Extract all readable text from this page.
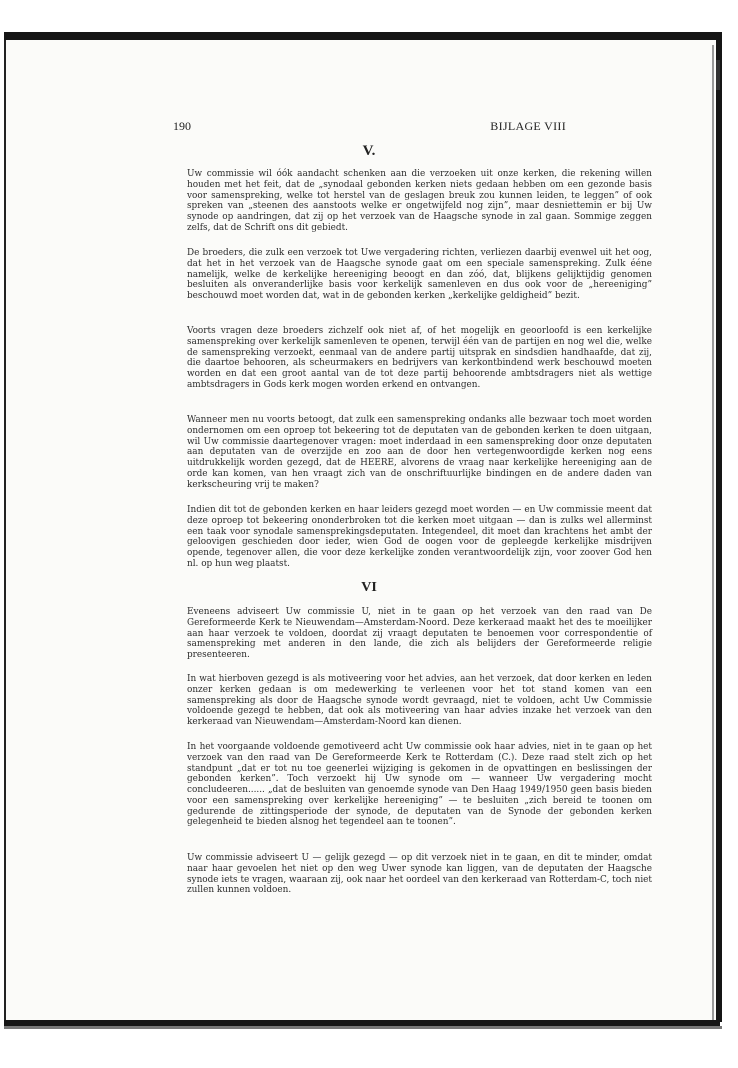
190	BIJLAGE VIII
V.

Uw commissie wil óók aandacht schenken aan die verzoeken uit onze kerken, die rekening willen houden met het feit, dat de „synodaal gebonden kerken niets gedaan hebben om een gezonde basis voor samenspreking, welke tot herstel van de geslagen breuk zou kunnen leiden, te leggen” of ook spreken van „steenen des aanstoots welke er ongetwijfeld nog zijn”, maar desniettemin er bij Uw synode op aandringen, dat zij op het verzoek van de Haagsche synode in zal gaan. Sommige zeggen zelfs, dat de Schrift ons dit gebiedt.

De broeders, die zulk een verzoek tot Uwe vergadering richten, verliezen daarbij evenwel uit het oog, dat het in het verzoek van de Haagsche synode gaat om een speciale samenspreking. Zulk ééne namelijk, welke de kerkelijke hereeniging beoogt en dan zóó, dat, blijkens gelijktijdig genomen besluiten als onveranderlijke basis voor kerkelijk samenleven en dus ook voor de „hereeniging” beschouwd moet worden dat, wat in de gebonden kerken „kerkelijke geldigheid” bezit.

Voorts vragen deze broeders zichzelf ook niet af, of het mogelijk en geoorloofd is een kerkelijke samenspreking over kerkelijk samenleven te openen, terwijl één van de partijen en nog wel die, welke de samenspreking verzoekt, eenmaal van de andere partij uitsprak en sindsdien handhaafde, dat zij, die daartoe behooren, als scheurmakers en bedrijvers van kerkontbindend werk beschouwd moeten worden en dat een groot aantal van de tot deze partij behoorende ambtsdragers niet als wettige ambtsdragers in Gods kerk mogen worden erkend en ontvangen.

Wanneer men nu voorts betoogt, dat zulk een samenspreking ondanks alle bezwaar toch moet worden ondernomen om een oproep tot bekeering tot de deputaten van de gebonden kerken te doen uitgaan, wil Uw commissie daartegenover vragen: moet inderdaad in een samenspreking door onze deputaten aan deputaten van de overzijde en zoo aan de door hen vertegenwoordigde kerken nog eens uitdrukkelijk worden gezegd, dat de HEERE, alvorens de vraag naar kerkelijke hereeniging aan de orde kan komen, van hen vraagt zich van de onschriftuurlijke bindingen en de andere daden van kerkscheuring vrij te maken?

Indien dit tot de gebonden kerken en haar leiders gezegd moet worden — en Uw commissie meent dat deze oproep tot bekeering ononderbroken tot die kerken moet uitgaan — dan is zulks wel allerminst een taak voor synodale samensprekingsdeputaten. Integendeel, dit moet dan krachtens het ambt der geloovigen geschieden door ieder, wien God de oogen voor de gepleegde kerkelijke misdrijven opende, tegenover allen, die voor deze kerkelijke zonden verantwoordelijk zijn, voor zoover God hen nl. op hun weg plaatst.

VI

Eveneens adviseert Uw commissie U, niet in te gaan op het verzoek van den raad van De Gereformeerde Kerk te Nieuwendam—Amsterdam-Noord. Deze kerkeraad maakt het des te moeilijker aan haar verzoek te voldoen, doordat zij vraagt deputaten te benoemen voor correspondentie of samenspreking met anderen in den lande, die zich als belijders der Gereformeerde religie presenteeren.

In wat hierboven gezegd is als motiveering voor het advies, aan het verzoek, dat door kerken en leden onzer kerken gedaan is om medewerking te verleenen voor het tot stand komen van een samenspreking als door de Haagsche synode wordt gevraagd, niet te voldoen, acht Uw Commissie voldoende gezegd te hebben, dat ook als motiveering van haar advies inzake het verzoek van den kerkeraad van Nieuwendam—Amsterdam-Noord kan dienen.

In het voorgaande voldoende gemotiveerd acht Uw commissie ook haar advies, niet in te gaan op het verzoek van den raad van De Gereformeerde Kerk te Rotterdam (C.). Deze raad stelt zich op het standpunt „dat er tot nu toe geenerlei wijziging is gekomen in de opvattingen en beslissingen der gebonden kerken”. Toch verzoekt hij Uw synode om — wanneer Uw vergadering mocht concludeeren...... „dat de besluiten van genoemde synode van Den Haag 1949/1950 geen basis bieden voor een samenspreking over kerkelijke hereeniging” — te besluiten „zich bereid te toonen om gedurende de zittingsperiode der synode, de deputaten van de Synode der gebonden kerken gelegenheid te bieden alsnog het tegendeel aan te toonen”.

Uw commissie adviseert U — gelijk gezegd — op dit verzoek niet in te gaan, en dit te minder, omdat naar haar gevoelen het niet op den weg Uwer synode kan liggen, van de deputaten der Haagsche synode iets te vragen, waaraan zij, ook naar het oordeel van den kerkeraad van Rotterdam-C, toch niet zullen kunnen voldoen.
